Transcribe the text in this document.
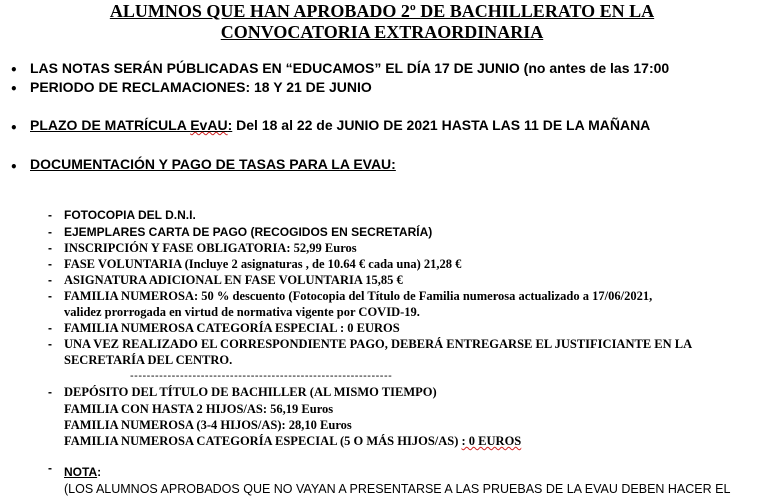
ALUMNOS QUE HAN APROBADO 2º DE BACHILLERATO EN LA
CONVOCATORIA EXTRAORDINARIA
• LAS NOTAS SERÁN PÚBLICADAS EN “EDUCAMOS” EL DÍA 17 DE JUNIO (no antes de las 17:00
• PERIODO DE RECLAMACIONES: 18 Y 21 DE JUNIO
• PLAZO DE MATRÍCULA EvAU: Del 18 al 22 de JUNIO DE 2021 HASTA LAS 11 DE LA MAÑANA
• DOCUMENTACIÓN Y PAGO DE TASAS PARA LA EVAU:
- FOTOCOPIA DEL D.N.I.
- EJEMPLARES CARTA DE PAGO (RECOGIDOS EN SECRETARÍA)
- INSCRIPCIÓN Y FASE OBLIGATORIA: 52,99 Euros
- FASE VOLUNTARIA (Incluye 2 asignaturas , de 10.64 € cada una) 21,28 €
- ASIGNATURA ADICIONAL EN FASE VOLUNTARIA 15,85 €
- FAMILIA NUMEROSA: 50 % descuento (Fotocopia del Título de Familia numerosa actualizado a 17/06/2021,
validez prorrogada en virtud de normativa vigente por COVID-19.
- FAMILIA NUMEROSA CATEGORÍA ESPECIAL : 0 EUROS
- UNA VEZ REALIZADO EL CORRESPONDIENTE PAGO, DEBERÁ ENTREGARSE EL JUSTIFICIANTE EN LA
SECRETARÍA DEL CENTRO.
---------------------------------------------------------------
- DEPÓSITO DEL TÍTULO DE BACHILLER (AL MISMO TIEMPO)
FAMILIA CON HASTA 2 HIJOS/AS: 56,19 Euros
FAMILIA NUMEROSA (3-4 HIJOS/AS): 28,10 Euros
FAMILIA NUMEROSA CATEGORÍA ESPECIAL (5 O MÁS HIJOS/AS) : 0 EUROS
- NOTA:
(LOS ALUMNOS APROBADOS QUE NO VAYAN A PRESENTARSE A LAS PRUEBAS DE LA EVAU DEBEN HACER EL
